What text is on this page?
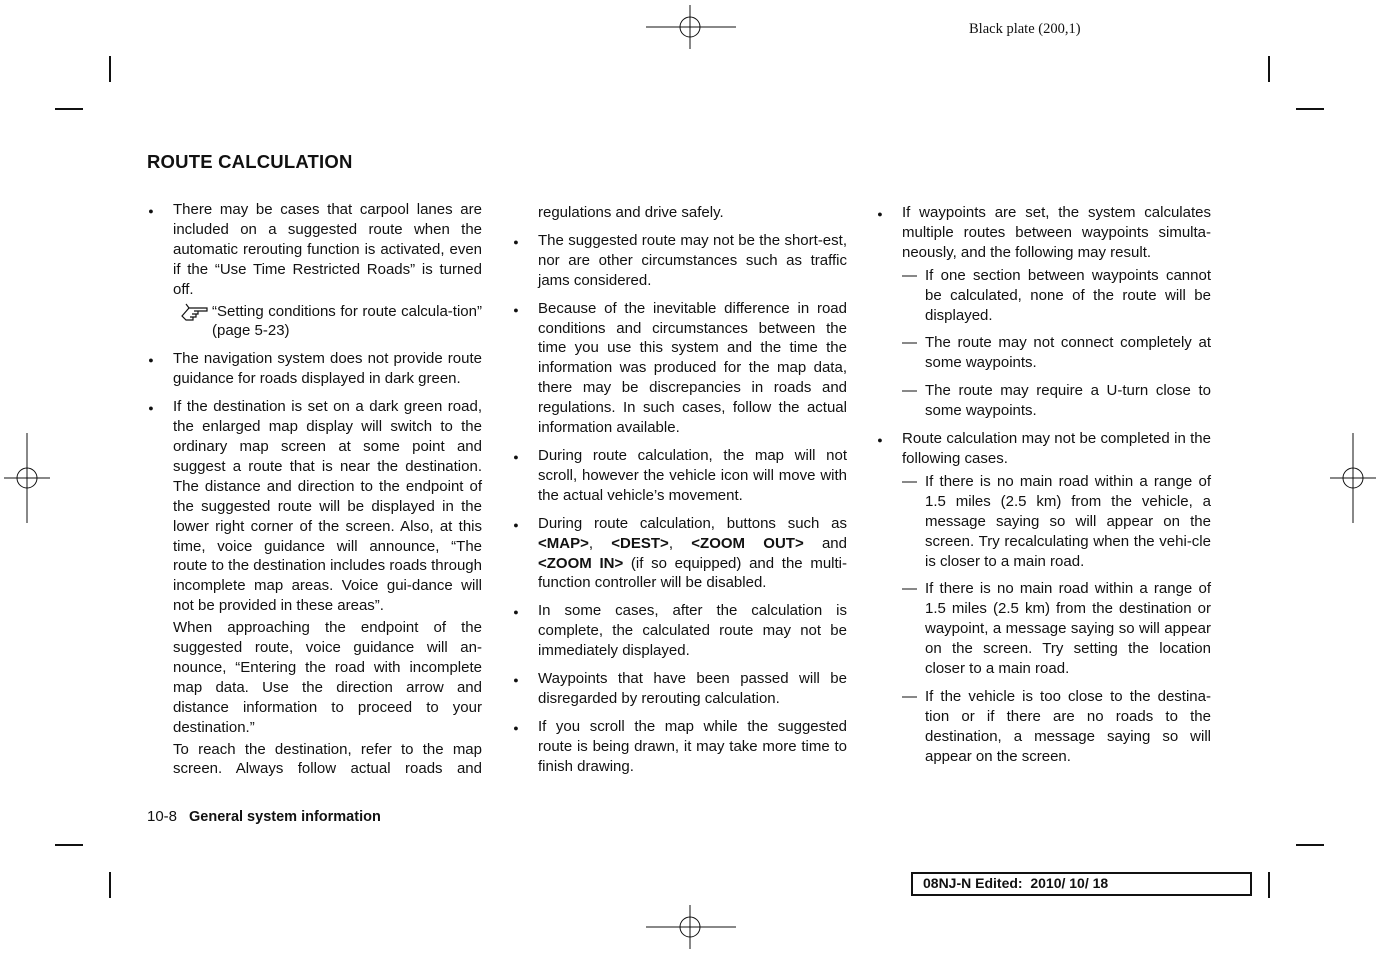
Black plate (200,1)
ROUTE CALCULATION
●
There may be cases that carpool lanes are included on a suggested route when the automatic rerouting function is activated, even if the “Use Time Restricted Roads” is turned off.
“Setting conditions for route calcula-tion” (page 5-23)
●
The navigation system does not provide route guidance for roads displayed in dark green.
●
If the destination is set on a dark green road, the enlarged map display will switch to the ordinary map screen at some point and suggest a route that is near the destination. The distance and direction to the endpoint of the suggested route will be displayed in the lower right corner of the screen. Also, at this time, voice guidance will announce, “The route to the destination includes roads through incomplete map areas. Voice gui-dance will not be provided in these areas”.
When approaching the endpoint of the suggested route, voice guidance will an-nounce, “Entering the road with incomplete map data. Use the direction arrow and distance information to proceed to your destination.”
To reach the destination, refer to the map screen. Always follow actual roads and
regulations and drive safely.
●
The suggested route may not be the short-est, nor are other circumstances such as traffic jams considered.
●
Because of the inevitable difference in road conditions and circumstances between the time you use this system and the time the information was produced for the map data, there may be discrepancies in roads and regulations. In such cases, follow the actual information available.
●
During route calculation, the map will not scroll, however the vehicle icon will move with the actual vehicle’s movement.
●
During route calculation, buttons such as <MAP>, <DEST>, <ZOOM OUT> and <ZOOM IN> (if so equipped) and the multi-function controller will be disabled.
●
In some cases, after the calculation is complete, the calculated route may not be immediately displayed.
●
Waypoints that have been passed will be disregarded by rerouting calculation.
●
If you scroll the map while the suggested route is being drawn, it may take more time to finish drawing.
●
If waypoints are set, the system calculates multiple routes between waypoints simulta-neously, and the following may result.
— If one section between waypoints cannot be calculated, none of the route will be displayed.
— The route may not connect completely at some waypoints.
— The route may require a U-turn close to some waypoints.
●
Route calculation may not be completed in the following cases.
— If there is no main road within a range of 1.5 miles (2.5 km) from the vehicle, a message saying so will appear on the screen. Try recalculating when the vehi-cle is closer to a main road.
— If there is no main road within a range of 1.5 miles (2.5 km) from the destination or waypoint, a message saying so will appear on the screen. Try setting the location closer to a main road.
— If the vehicle is too close to the destina-tion or if there are no roads to the destination, a message saying so will appear on the screen.
10-8 General system information
08NJ-N Edited:  2010/ 10/ 18
